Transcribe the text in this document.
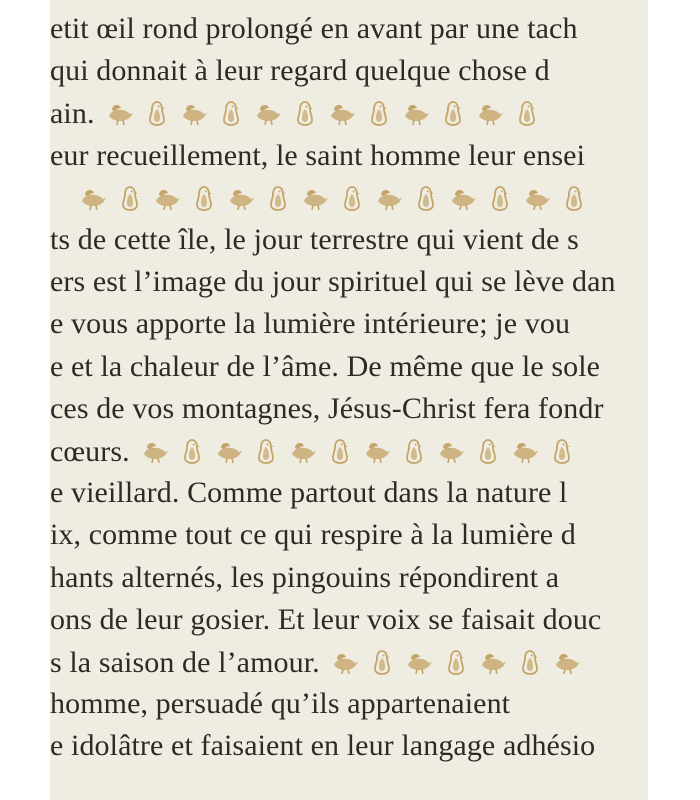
etit œil rond prolongé en avant par une tach
qui donnait à leur regard quelque chose d
ain.
eur recueillement, le saint homme leur ensei
ts de cette île, le jour terrestre qui vient de s
ers est l’image du jour spirituel qui se lève dan
e vous apporte la lumière intérieure; je vou
e et la chaleur de l’âme. De même que le sole
ces de vos montagnes, Jésus-Christ fera fondr
cœurs.
e vieillard. Comme partout dans la nature l
ix, comme tout ce qui respire à la lumière d
hants alternés, les pingouins répondirent a
ons de leur gosier. Et leur voix se faisait douc
s la saison de l’amour.
homme, persuadé qu’ils appartenaient
e idolâtre et faisaient en leur langage adhésio
